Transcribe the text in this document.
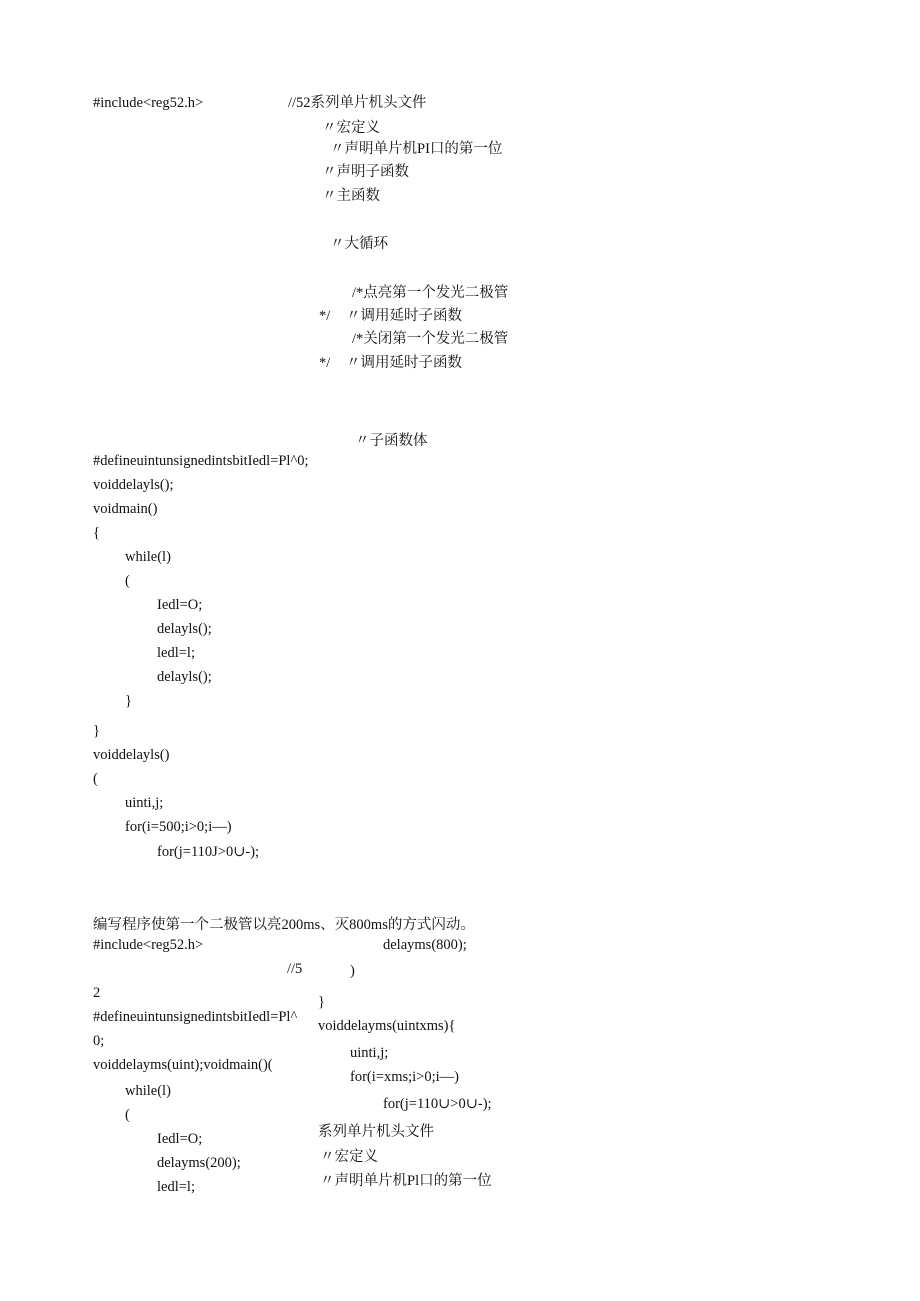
#include<reg52.h>	//52系列单片机头文件
〃宏定义
〃声明单片机PI口的第一位
〃声明子函数
〃主函数
〃大循环
/*点亮第一个发光二极管
*/ 〃调用延时子函数
/*关闭第一个发光二极管
*/ 〃调用延时子函数
〃子函数体
#defineuintunsignedintsbitIedl=Pl^0;
voiddelayls();
voidmain()
{
while(l)
(
Iedl=O;
delayls();
ledl=l;
delayls();
}
}
voiddelayls()
(
uinti,j;
for(i=500;i>0;i—)
for(j=110J>0∪-);
编写程序使第一个二极管以亮200ms、灭800ms的方式闪动。
#include<reg52.h>	delayms(800);
//5	)
2
}
#defineuintunsignedintsbitIedl=Pl^
voiddelayms(uintxms){
0;
uinti,j;
voiddelayms(uint);voidmain()(
for(i=xms;i>0;i—)
while(l)
for(j=110∪>0∪-);
(
系列单片机头文件
Iedl=O;
〃宏定义
delayms(200);
〃声明单片机Pl口的第一位
ledl=l;
